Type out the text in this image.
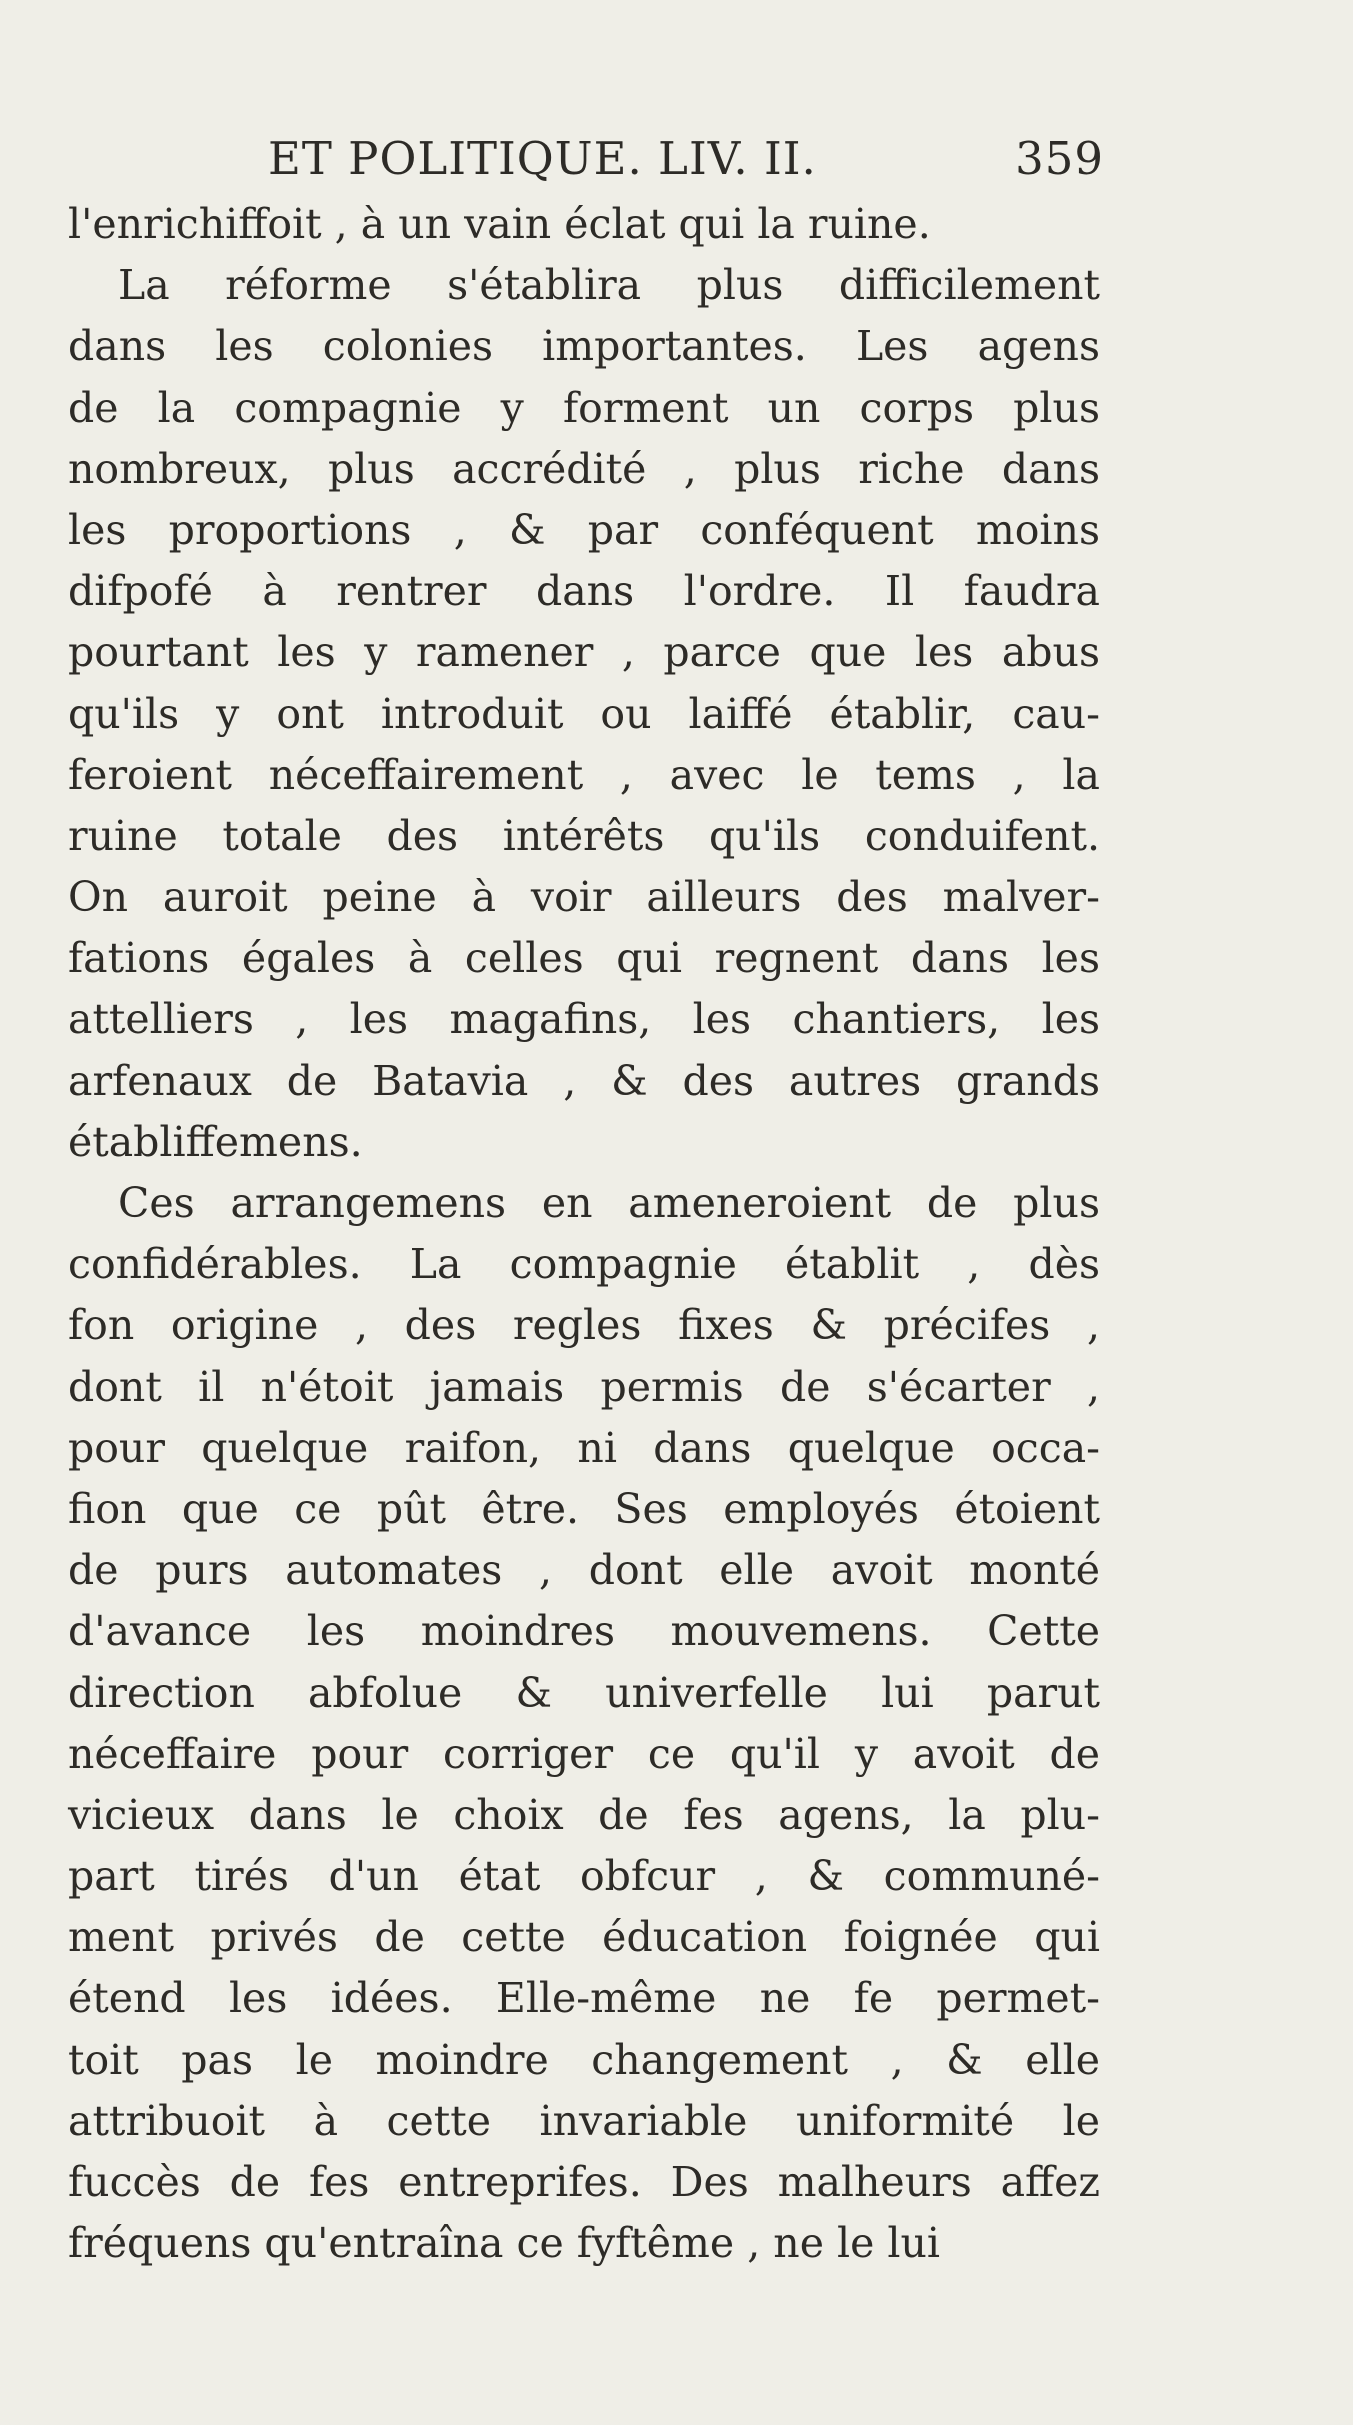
ET POLITIQUE. LIV. II.	359
l'enrichiffoit , à un vain éclat qui la ruine.
La réforme s'établira plus difficilement
dans les colonies importantes. Les agens
de la compagnie y forment un corps plus
nombreux, plus accrédité , plus riche dans
les proportions , & par conféquent moins
difpofé à rentrer dans l'ordre. Il faudra
pourtant les y ramener , parce que les abus
qu'ils y ont introduit ou laiffé établir, cau-
feroient néceffairement , avec le tems , la
ruine totale des intérêts qu'ils conduifent.
On auroit peine à voir ailleurs des malver-
fations égales à celles qui regnent dans les
attelliers , les magafins, les chantiers, les
arfenaux de Batavia , & des autres grands
établiffemens.
Ces arrangemens en ameneroient de plus
confidérables. La compagnie établit , dès
fon origine , des regles fixes & précifes ,
dont il n'étoit jamais permis de s'écarter ,
pour quelque raifon, ni dans quelque occa-
fion que ce pût être. Ses employés étoient
de purs automates , dont elle avoit monté
d'avance les moindres mouvemens. Cette
direction abfolue & univerfelle lui parut
néceffaire pour corriger ce qu'il y avoit de
vicieux dans le choix de fes agens, la plu-
part tirés d'un état obfcur , & communé-
ment privés de cette éducation foignée qui
étend les idées. Elle-même ne fe permet-
toit pas le moindre changement , & elle
attribuoit à cette invariable uniformité le
fuccès de fes entreprifes. Des malheurs affez
fréquens qu'entraîna ce fyftême , ne le lui
